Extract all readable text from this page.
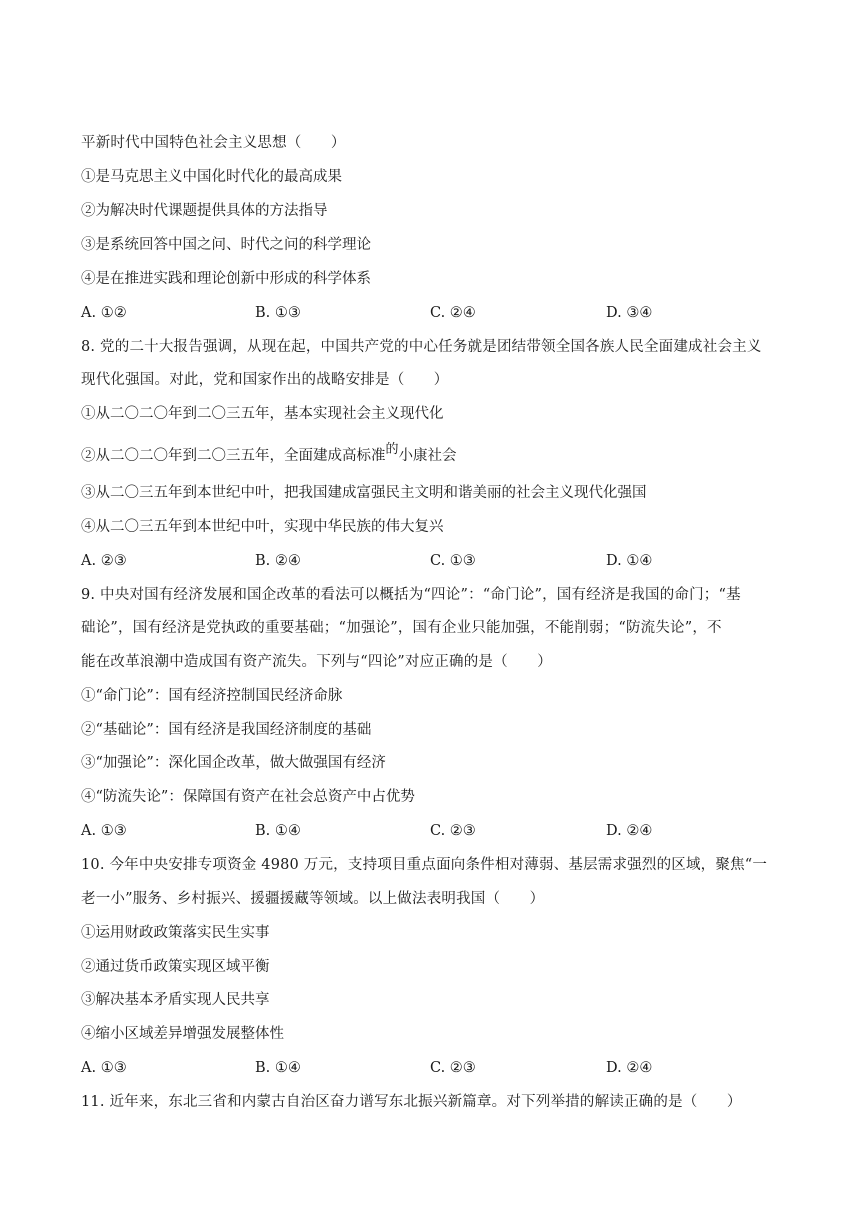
平新时代中国特色社会主义思想（　　）
①是马克思主义中国化时代化的最高成果
②为解决时代课题提供具体的方法指导
③是系统回答中国之问、时代之问的科学理论
④是在推进实践和理论创新中形成的科学体系
A. ①②	B. ①③	C. ②④	D. ③④
8. 党的二十大报告强调，从现在起，中国共产党的中心任务就是团结带领全国各族人民全面建成社会主义
现代化强国。对此，党和国家作出的战略安排是（　　）
①从二〇二〇年到二〇三五年，基本实现社会主义现代化
②从二〇二〇年到二〇三五年，全面建成高标准的小康社会
③从二〇三五年到本世纪中叶，把我国建成富强民主文明和谐美丽的社会主义现代化强国
④从二〇三五年到本世纪中叶，实现中华民族的伟大复兴
A. ②③	B. ②④	C. ①③	D. ①④
9. 中央对国有经济发展和国企改革的看法可以概括为“四论”：“命门论”，国有经济是我国的命门；“基
础论”，国有经济是党执政的重要基础；“加强论”，国有企业只能加强，不能削弱；“防流失论”，不
能在改革浪潮中造成国有资产流失。下列与“四论”对应正确的是（　　）
①“命门论”：国有经济控制国民经济命脉
②“基础论”：国有经济是我国经济制度的基础
③“加强论”：深化国企改革，做大做强国有经济
④“防流失论”：保障国有资产在社会总资产中占优势
A. ①③	B. ①④	C. ②③	D. ②④
10. 今年中央安排专项资金 4980 万元，支持项目重点面向条件相对薄弱、基层需求强烈的区域，聚焦“一
老一小”服务、乡村振兴、援疆援藏等领域。以上做法表明我国（　　）
①运用财政政策落实民生实事
②通过货币政策实现区域平衡
③解决基本矛盾实现人民共享
④缩小区域差异增强发展整体性
A. ①③	B. ①④	C. ②③	D. ②④
11. 近年来，东北三省和内蒙古自治区奋力谱写东北振兴新篇章。对下列举措的解读正确的是（　　）
